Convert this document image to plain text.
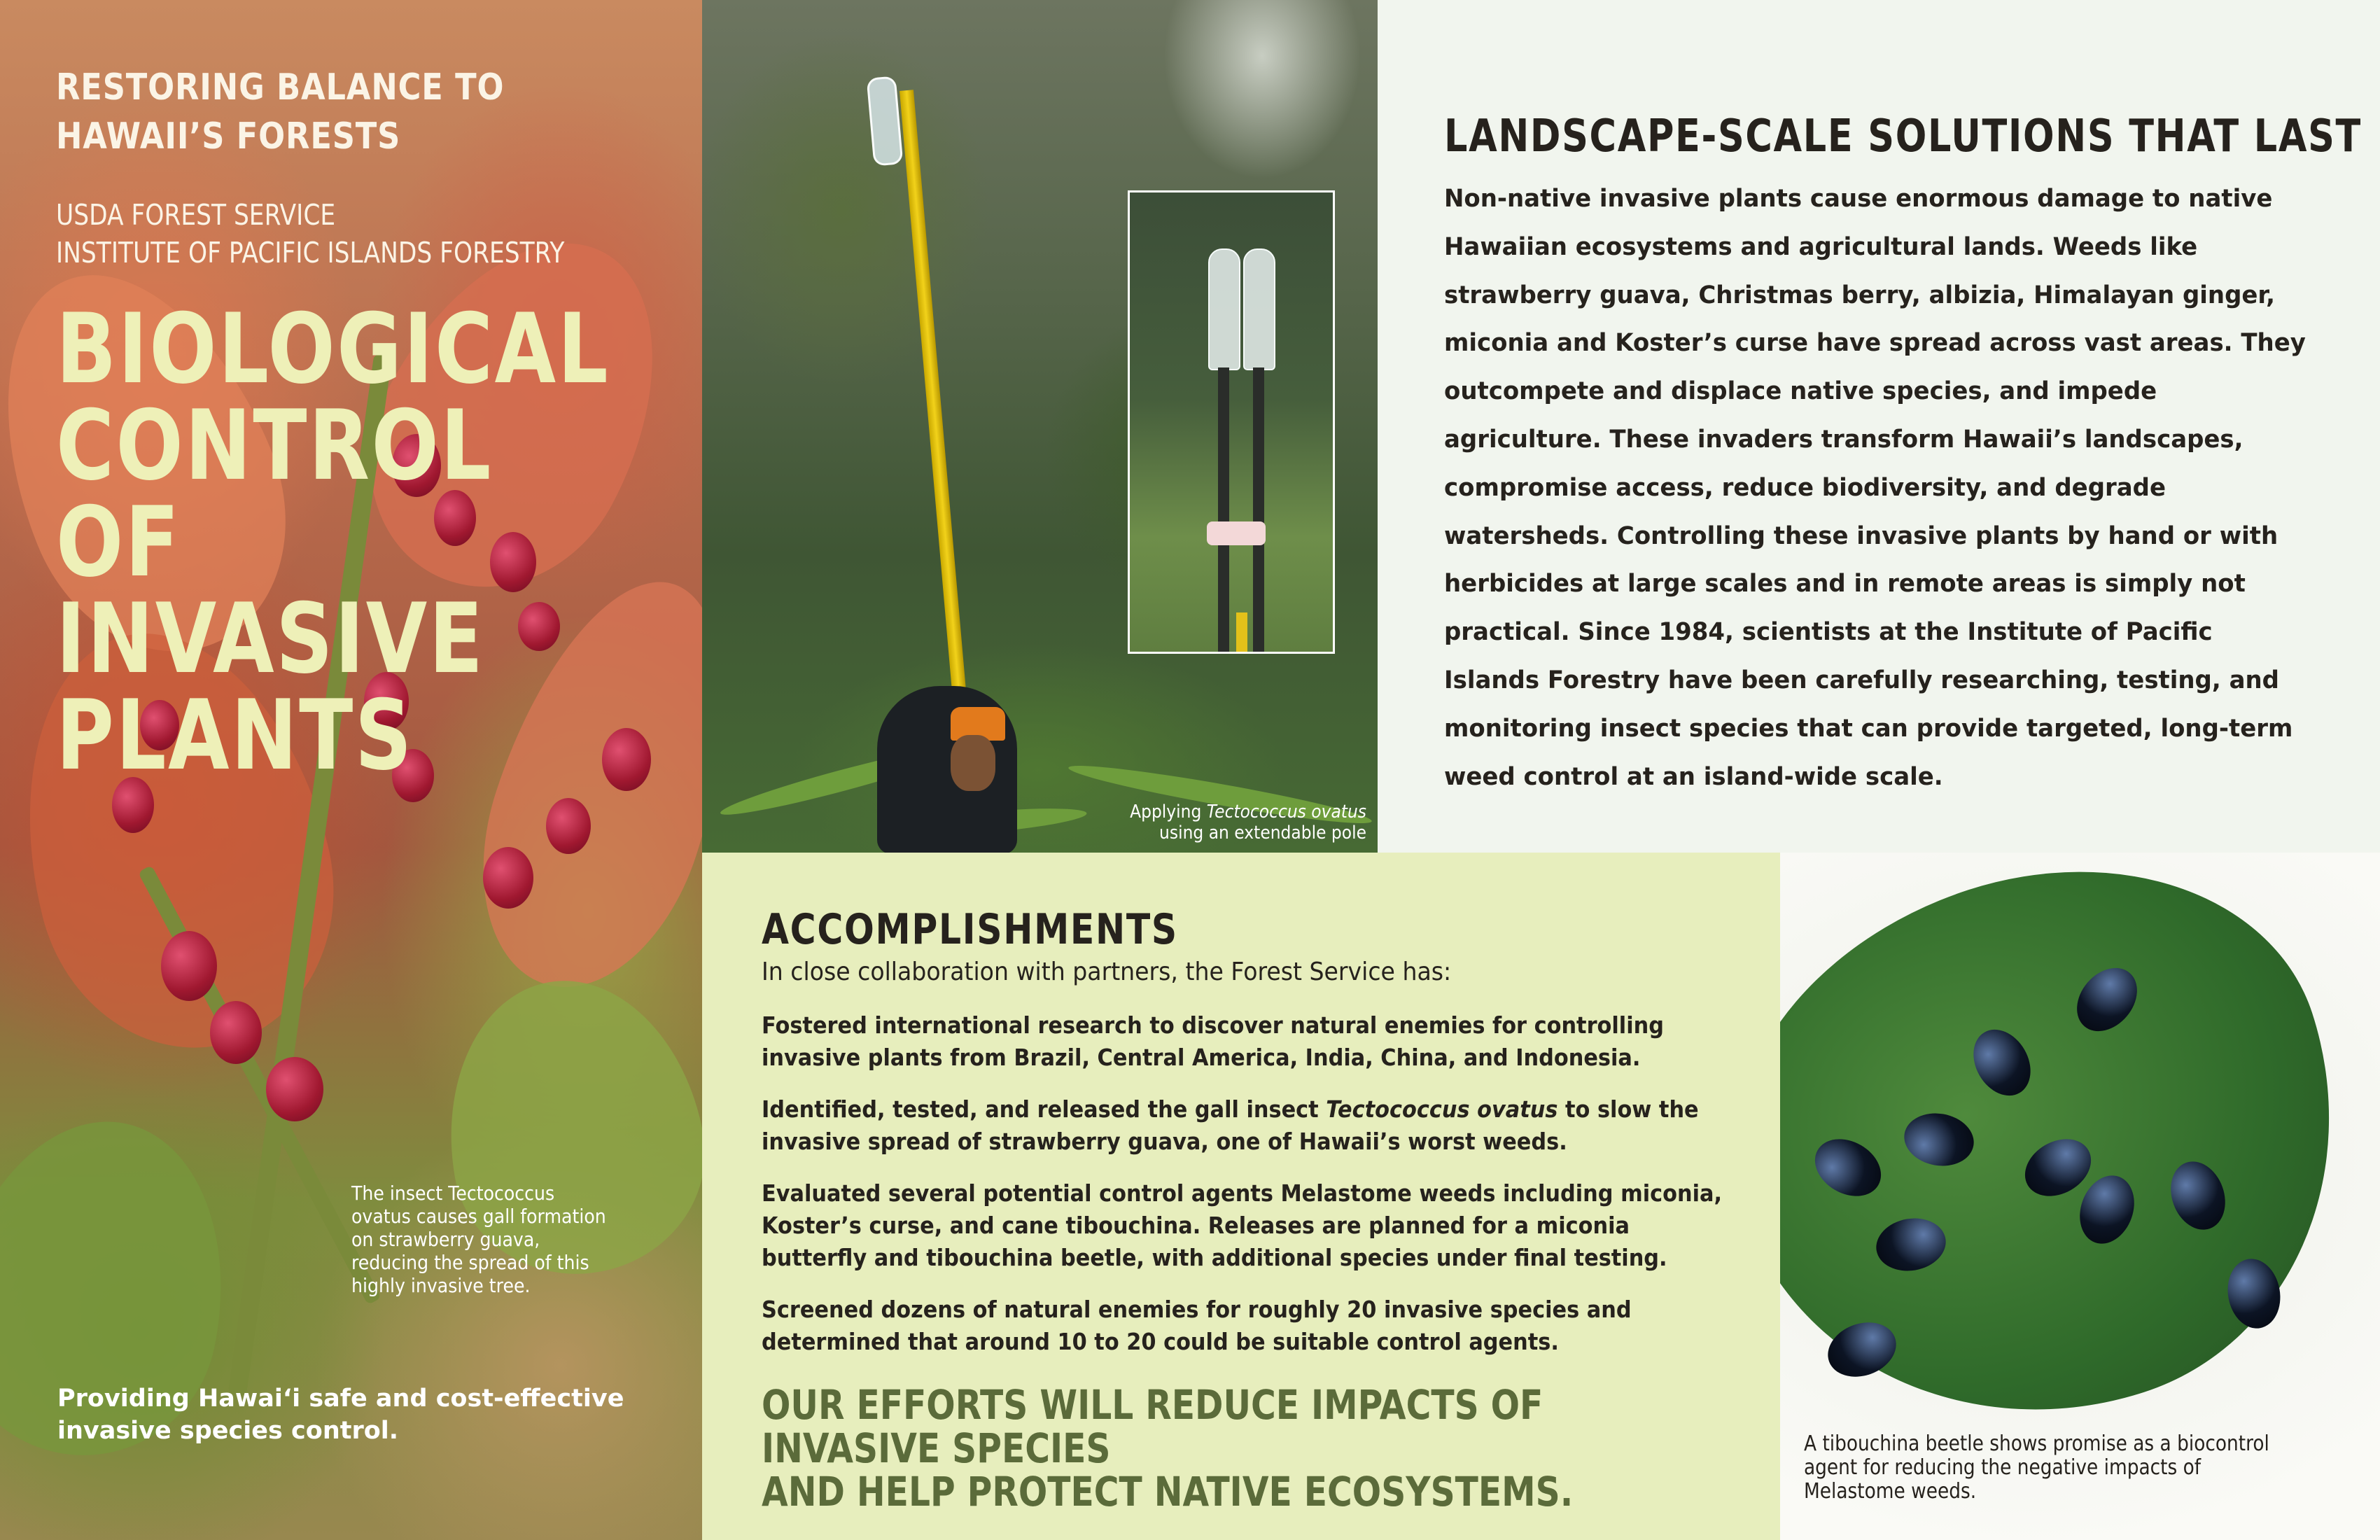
RESTORING BALANCE TO
HAWAII’S FORESTS
USDA FOREST SERVICE
INSTITUTE OF PACIFIC ISLANDS FORESTRY
BIOLOGICAL
CONTROL OF
INVASIVE
PLANTS
The insect Tectococcus ovatus causes gall formation on strawberry guava, reducing the spread of this highly invasive tree.
Providing Hawai‘i safe and cost-effective invasive species control.
Applying Tectococcus ovatus
using an extendable pole
LANDSCAPE-SCALE SOLUTIONS THAT LAST

Non-native invasive plants cause enormous damage to native Hawaiian ecosystems and agricultural lands. Weeds like strawberry guava, Christmas berry, albizia, Himalayan ginger, miconia and Koster’s curse have spread across vast areas. They outcompete and displace native species, and impede agriculture. These invaders transform Hawaii’s landscapes, compromise access, reduce biodiversity, and degrade watersheds. Controlling these invasive plants by hand or with herbicides at large scales and in remote areas is simply not practical. Since 1984, scientists at the Institute of Pacific Islands Forestry have been carefully researching, testing, and monitoring insect species that can provide targeted, long-term weed control at an island-wide scale.

ACCOMPLISHMENTS
In close collaboration with partners, the Forest Service has:
Fostered international research to discover natural enemies for controlling invasive plants from Brazil, Central America, India, China, and Indonesia.
Identified, tested, and released the gall insect Tectococcus ovatus to slow the invasive spread of strawberry guava, one of Hawaii’s worst weeds.
Evaluated several potential control agents Melastome weeds including miconia, Koster’s curse, and cane tibouchina. Releases are planned for a miconia butterfly and tibouchina beetle, with additional species under final testing.
Screened dozens of natural enemies for roughly 20 invasive species and determined that around 10 to 20 could be suitable control agents.

OUR EFFORTS WILL REDUCE IMPACTS OF INVASIVE SPECIES
AND HELP PROTECT NATIVE ECOSYSTEMS.

A tibouchina beetle shows promise as a biocontrol agent for reducing the negative impacts of Melastome weeds.
